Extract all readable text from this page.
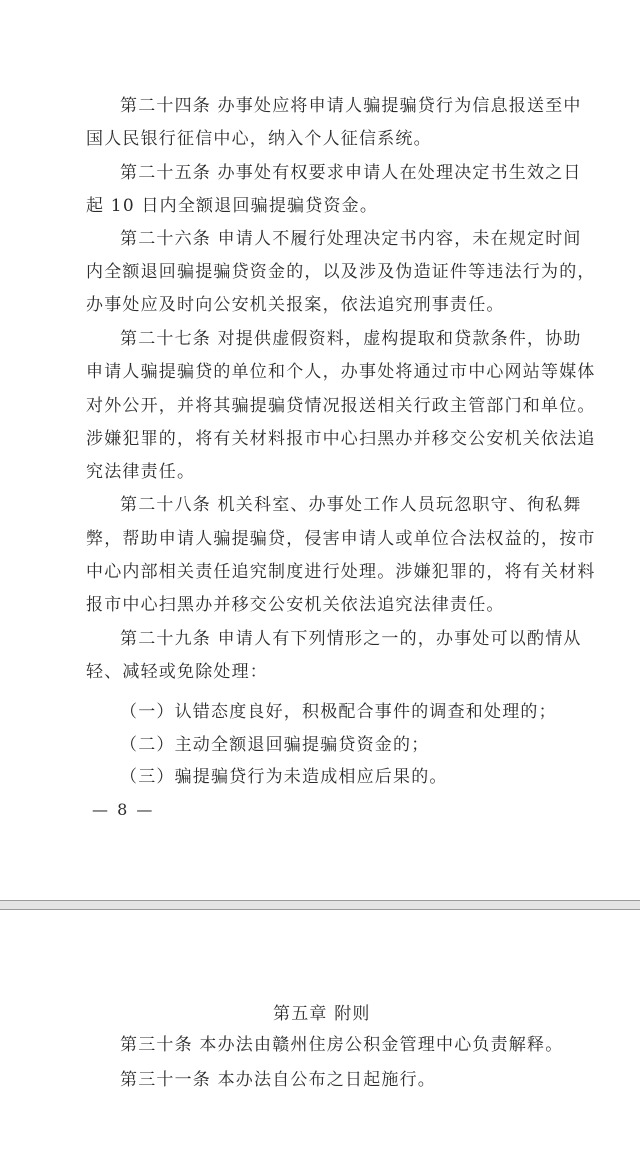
第二十四条 办事处应将申请人骗提骗贷行为信息报送至中
国人民银行征信中心，纳入个人征信系统。
第二十五条 办事处有权要求申请人在处理决定书生效之日
起 10 日内全额退回骗提骗贷资金。
第二十六条 申请人不履行处理决定书内容，未在规定时间
内全额退回骗提骗贷资金的，以及涉及伪造证件等违法行为的，
办事处应及时向公安机关报案，依法追究刑事责任。
第二十七条 对提供虚假资料，虚构提取和贷款条件，协助
申请人骗提骗贷的单位和个人，办事处将通过市中心网站等媒体
对外公开，并将其骗提骗贷情况报送相关行政主管部门和单位。
涉嫌犯罪的，将有关材料报市中心扫黑办并移交公安机关依法追
究法律责任。
第二十八条 机关科室、办事处工作人员玩忽职守、徇私舞
弊，帮助申请人骗提骗贷，侵害申请人或单位合法权益的，按市
中心内部相关责任追究制度进行处理。涉嫌犯罪的，将有关材料
报市中心扫黑办并移交公安机关依法追究法律责任。
第二十九条 申请人有下列情形之一的，办事处可以酌情从
轻、减轻或免除处理：
（一）认错态度良好，积极配合事件的调查和处理的；
（二）主动全额退回骗提骗贷资金的；
（三）骗提骗贷行为未造成相应后果的。
— 8 —
第五章 附则
第三十条 本办法由赣州住房公积金管理中心负责解释。
第三十一条 本办法自公布之日起施行。
